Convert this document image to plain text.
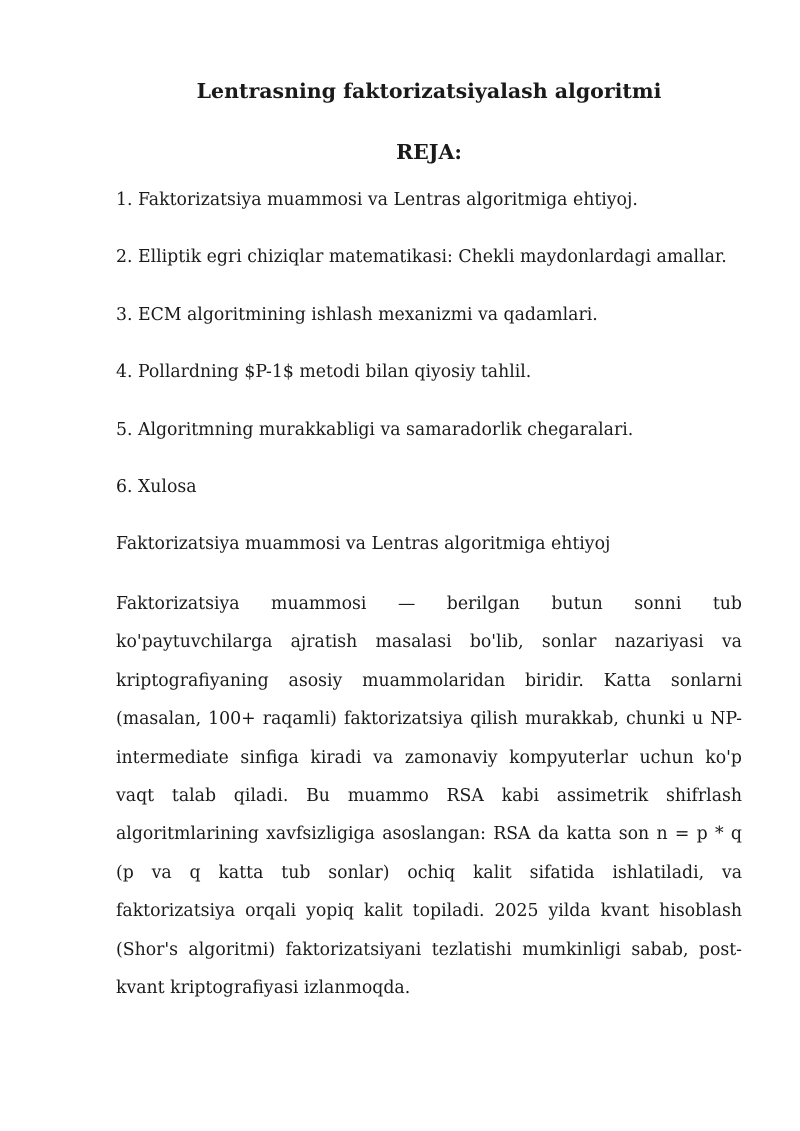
Lentrasning faktorizatsiyalash algoritmi
REJA:
1. Faktorizatsiya muammosi va Lentras algoritmiga ehtiyoj.
2. Elliptik egri chiziqlar matematikasi: Chekli maydonlardagi amallar.
3. ECM algoritmining ishlash mexanizmi va qadamlari.
4. Pollardning $P-1$ metodi bilan qiyosiy tahlil.
5. Algoritmning murakkabligi va samaradorlik chegaralari.
6. Xulosa
Faktorizatsiya muammosi va Lentras algoritmiga ehtiyoj

Faktorizatsiya muammosi — berilgan butun sonni tub ko'paytuvchilarga ajratish masalasi bo'lib, sonlar nazariyasi va kriptografiyaning asosiy muammolaridan biridir. Katta sonlarni (masalan, 100+ raqamli) faktorizatsiya qilish murakkab, chunki u NP-intermediate sinfiga kiradi va zamonaviy kompyuterlar uchun ko'p vaqt talab qiladi. Bu muammo RSA kabi assimetrik shifrlash algoritmlarining xavfsizligiga asoslangan: RSA da katta son n = p * q (p va q katta tub sonlar) ochiq kalit sifatida ishlatiladi, va faktorizatsiya orqali yopiq kalit topiladi. 2025 yilda kvant hisoblash (Shor's algoritmi) faktorizatsiyani tezlatishi mumkinligi sabab, post-kvant kriptografiyasi izlanmoqda.
